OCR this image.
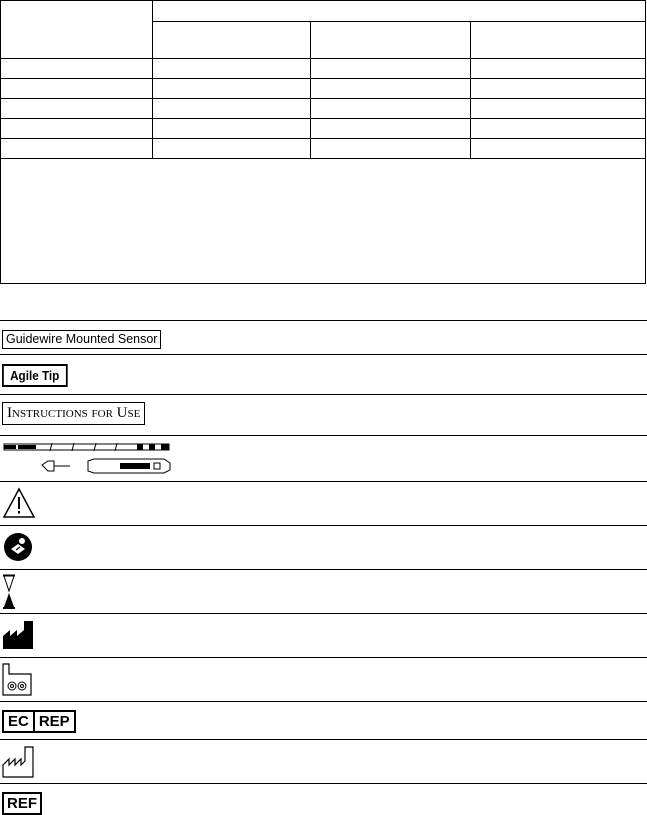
Guidewire Mounted Sensor
Agile Tip
Instructions for Use
EC REP
REF
